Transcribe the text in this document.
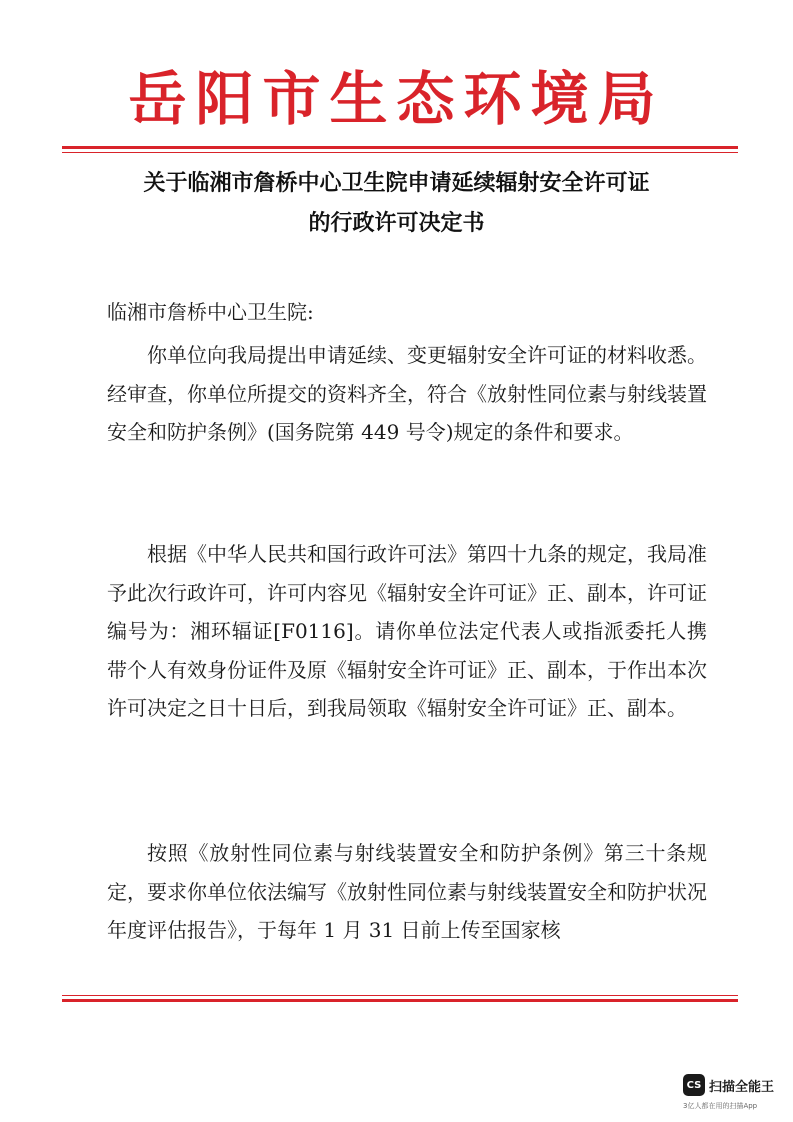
岳阳市生态环境局
关于临湘市詹桥中心卫生院申请延续辐射安全许可证
的行政许可决定书
临湘市詹桥中心卫生院:
你单位向我局提出申请延续、变更辐射安全许可证的材料收悉。经审查，你单位所提交的资料齐全，符合《放射性同位素与射线装置安全和防护条例》(国务院第 449 号令)规定的条件和要求。
根据《中华人民共和国行政许可法》第四十九条的规定，我局准予此次行政许可，许可内容见《辐射安全许可证》正、副本，许可证编号为：湘环辐证[F0116]。请你单位法定代表人或指派委托人携带个人有效身份证件及原《辐射安全许可证》正、副本，于作出本次许可决定之日十日后，到我局领取《辐射安全许可证》正、副本。
按照《放射性同位素与射线装置安全和防护条例》第三十条规定，要求你单位依法编写《放射性同位素与射线装置安全和防护状况年度评估报告》，于每年 1 月 31 日前上传至国家核
CS 扫描全能王
3亿人都在用的扫描App
